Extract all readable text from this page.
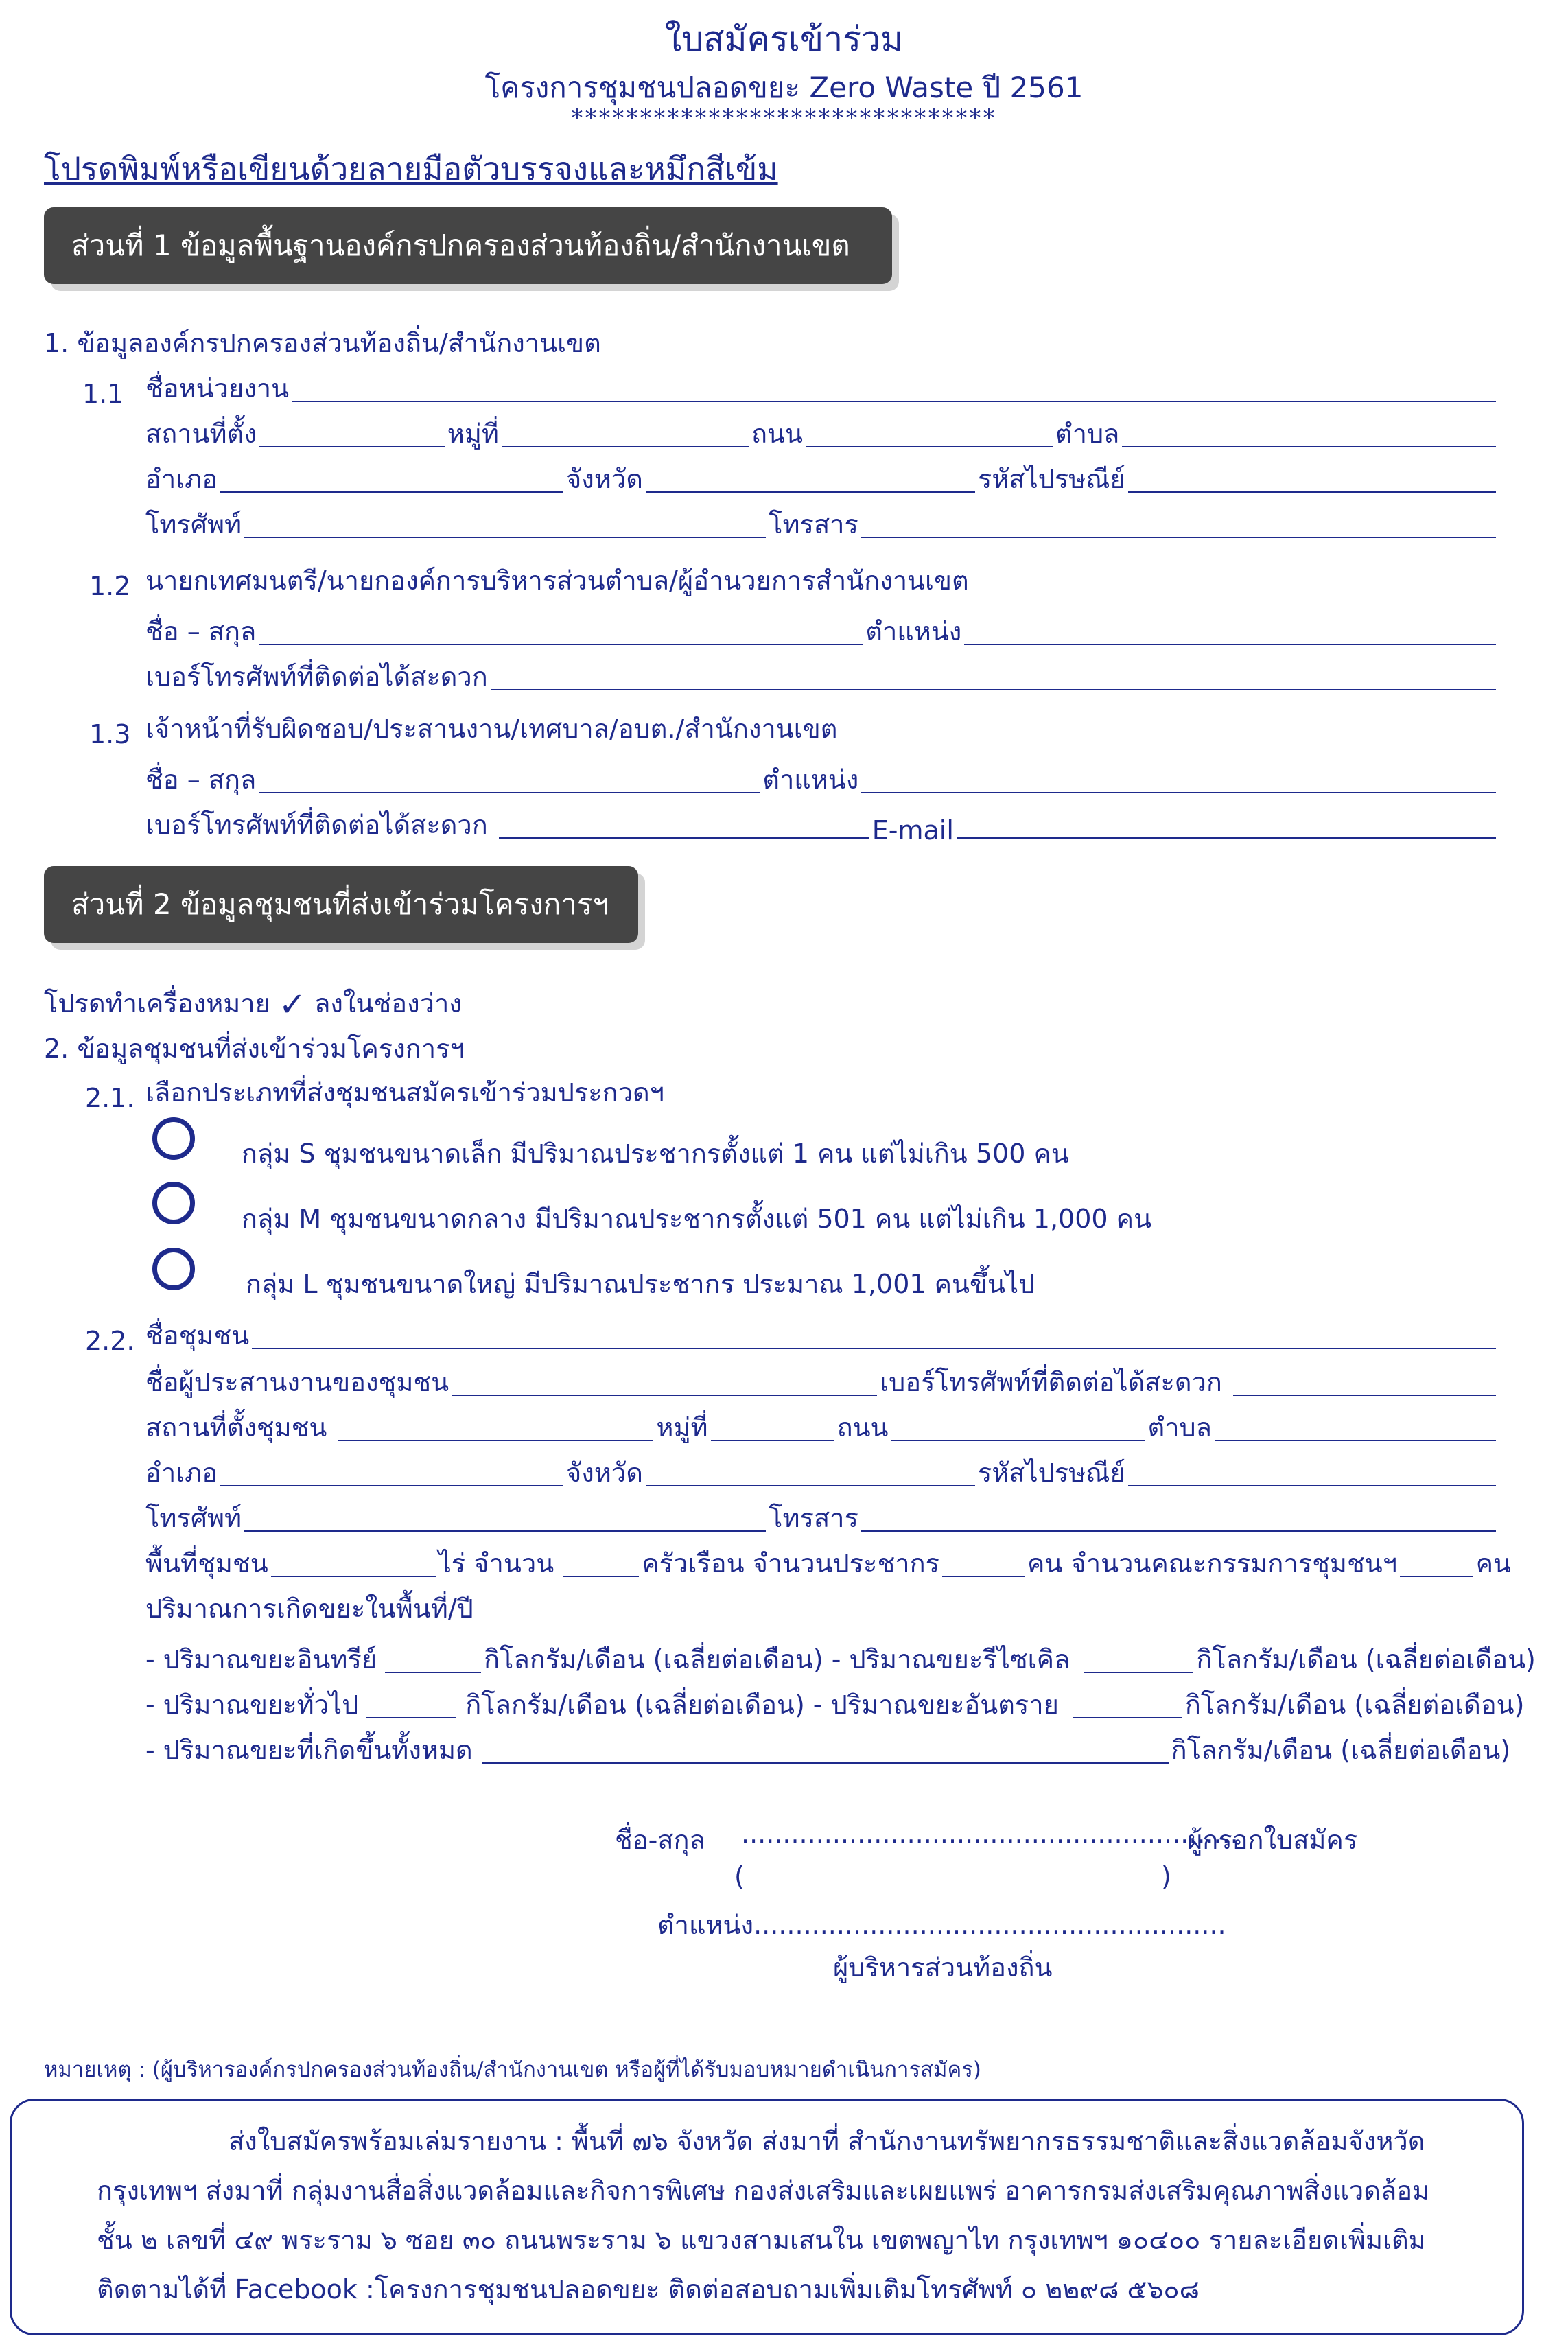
ใบสมัครเข้าร่วม
โครงการชุมชนปลอดขยะ Zero Waste ปี 2561
*******************************
โปรดพิมพ์หรือเขียนด้วยลายมือตัวบรรจงและหมึกสีเข้ม
ส่วนที่ 1 ข้อมูลพื้นฐานองค์กรปกครองส่วนท้องถิ่น/สำนักงานเขต
1. ข้อมูลองค์กรปกครองส่วนท้องถิ่น/สำนักงานเขต
1.1 ชื่อหน่วยงาน
สถานที่ตั้ง	หมู่ที่	ถนน	ตำบล
อำเภอ	จังหวัด	รหัสไปรษณีย์
โทรศัพท์	โทรสาร
1.2 นายกเทศมนตรี/นายกองค์การบริหารส่วนตำบล/ผู้อำนวยการสำนักงานเขต
ชื่อ – สกุล	ตำแหน่ง
เบอร์โทรศัพท์ที่ติดต่อได้สะดวก
1.3 เจ้าหน้าที่รับผิดชอบ/ประสานงาน/เทศบาล/อบต./สำนักงานเขต
ชื่อ – สกุล	ตำแหน่ง
เบอร์โทรศัพท์ที่ติดต่อได้สะดวก	E-mail
ส่วนที่ 2 ข้อมูลชุมชนที่ส่งเข้าร่วมโครงการฯ
โปรดทำเครื่องหมาย ✓ ลงในช่องว่าง
2. ข้อมูลชุมชนที่ส่งเข้าร่วมโครงการฯ
2.1. เลือกประเภทที่ส่งชุมชนสมัครเข้าร่วมประกวดฯ
กลุ่ม S ชุมชนขนาดเล็ก มีปริมาณประชากรตั้งแต่ 1 คน แต่ไม่เกิน 500 คน
กลุ่ม M ชุมชนขนาดกลาง มีปริมาณประชากรตั้งแต่ 501 คน แต่ไม่เกิน 1,000 คน
กลุ่ม L ชุมชนขนาดใหญ่ มีปริมาณประชากร ประมาณ 1,001 คนขึ้นไป
2.2. ชื่อชุมชน
ชื่อผู้ประสานงานของชุมชน	เบอร์โทรศัพท์ที่ติดต่อได้สะดวก
สถานที่ตั้งชุมชน	หมู่ที่	ถนน	ตำบล
อำเภอ	จังหวัด	รหัสไปรษณีย์
โทรศัพท์	โทรสาร
พื้นที่ชุมชน	ไร่ จำนวน	ครัวเรือน จำนวนประชากร	คน จำนวนคณะกรรมการชุมชนฯ	คน
ปริมาณการเกิดขยะในพื้นที่/ปี
- ปริมาณขยะอินทรีย์	กิโลกรัม/เดือน (เฉลี่ยต่อเดือน) - ปริมาณขยะรีไซเคิล	กิโลกรัม/เดือน (เฉลี่ยต่อเดือน)
- ปริมาณขยะทั่วไป	กิโลกรัม/เดือน (เฉลี่ยต่อเดือน) - ปริมาณขยะอันตราย	กิโลกรัม/เดือน (เฉลี่ยต่อเดือน)
- ปริมาณขยะที่เกิดขึ้นทั้งหมด	กิโลกรัม/เดือน (เฉลี่ยต่อเดือน)
ชื่อ-สกุล ............................................................
ผู้กรอกใบสมัคร
(	)
ตำแหน่ง.........................................................
ผู้บริหารส่วนท้องถิ่น
หมายเหตุ : (ผู้บริหารองค์กรปกครองส่วนท้องถิ่น/สำนักงานเขต หรือผู้ที่ได้รับมอบหมายดำเนินการสมัคร)
ส่งใบสมัครพร้อมเล่มรายงาน : พื้นที่ ๗๖ จังหวัด ส่งมาที่ สำนักงานทรัพยากรธรรมชาติและสิ่งแวดล้อมจังหวัด
กรุงเทพฯ ส่งมาที่ กลุ่มงานสื่อสิ่งแวดล้อมและกิจการพิเศษ กองส่งเสริมและเผยแพร่ อาคารกรมส่งเสริมคุณภาพสิ่งแวดล้อม
ชั้น ๒ เลขที่ ๔๙ พระราม ๖ ซอย ๓๐ ถนนพระราม ๖ แขวงสามเสนใน เขตพญาไท กรุงเทพฯ ๑๐๔๐๐ รายละเอียดเพิ่มเติม
ติดตามได้ที่ Facebook :โครงการชุมชนปลอดขยะ ติดต่อสอบถามเพิ่มเติมโทรศัพท์ ๐ ๒๒๙๘ ๕๖๐๘
